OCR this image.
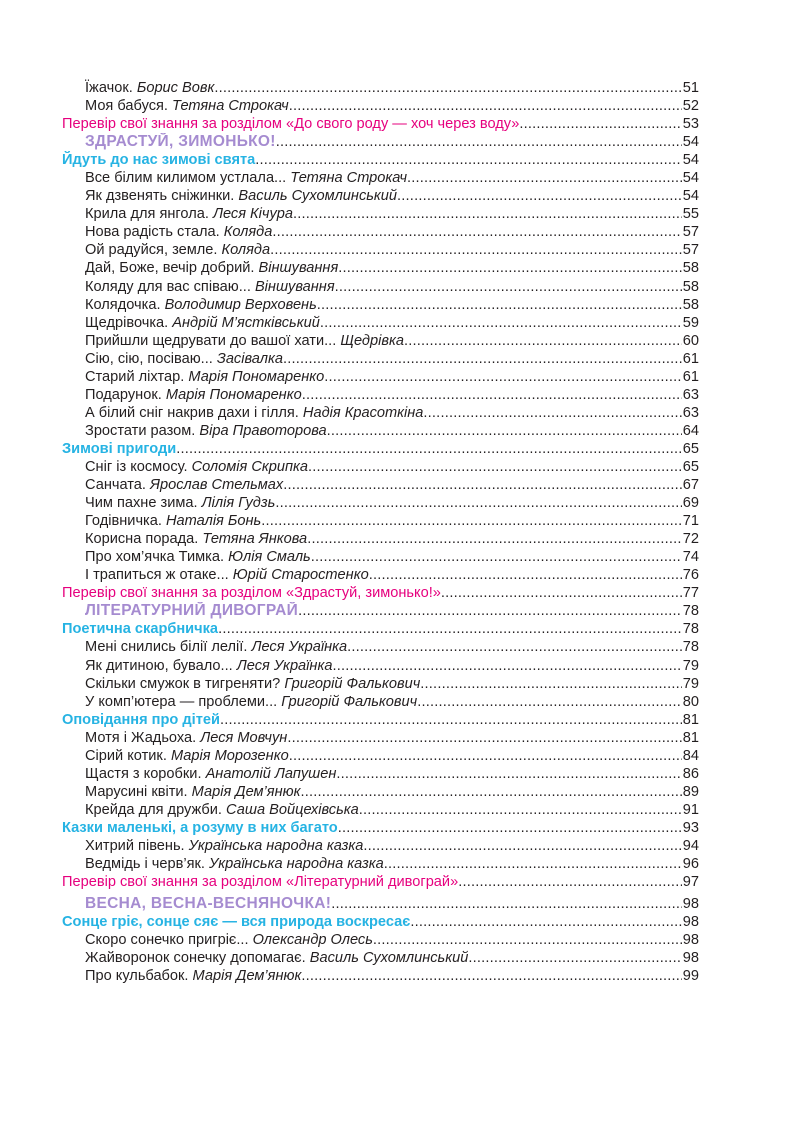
Їжачок. Борис Вовк .....	51
Моя бабуся. Тетяна Строкач .....	52
Перевір свої знання за розділом «До свого роду — хоч через воду» .....	53
ЗДРАСТУЙ, ЗИМОНЬКО! .....	54
Йдуть до нас зимові свята .....	54
Все білим килимом устлала... Тетяна Строкач .....	54
Як дзвенять сніжинки. Василь Сухомлинський .....	54
Крила для янгола. Леся Кічура .....	55
Нова радість стала. Коляда .....	57
Ой радуйся, земле. Коляда .....	57
Дай, Боже, вечір добрий. Віншування .....	58
Коляду для вас співаю... Віншування .....	58
Колядочка. Володимир Верховень .....	58
Щедрівочка. Андрій М’ястківський .....	59
Прийшли щедрувати до вашої хати... Щедрівка .....	60
Сію, сію, посіваю... Засівалка .....	61
Старий ліхтар. Марія Пономаренко .....	61
Подарунок. Марія Пономаренко .....	63
А білий сніг накрив дахи і гілля. Надія Красоткіна .....	63
Зростати разом. Віра Правоторова .....	64
Зимові пригоди .....	65
Сніг із космосу. Соломія Скрипка .....	65
Санчата. Ярослав Стельмах .....	67
Чим пахне зима. Лілія Гудзь .....	69
Годівничка. Наталія Бонь .....	71
Корисна порада. Тетяна Янкова .....	72
Про хом’ячка Тимка. Юлія Смаль .....	74
І трапиться ж отаке... Юрій Старостенко .....	76
Перевір свої знання за розділом «Здрастуй, зимонько!» .....	77
ЛІТЕРАТУРНИЙ ДИВОГРАЙ .....	78
Поетична скарбничка .....	78
Мені снились білії лелії. Леся Українка .....	78
Як дитиною, бувало... Леся Українка .....	79
Скільки смужок в тигреняти? Григорій Фалькович .....	79
У комп’ютера — проблеми... Григорій Фалькович .....	80
Оповідання про дітей .....	81
Мотя і Жадьоха. Леся Мовчун .....	81
Сірий котик. Марія Морозенко .....	84
Щастя з коробки. Анатолій Лапушен .....	86
Марусині квіти. Марія Дем’янюк .....	89
Крейда для дружби. Саша Войцехівська .....	91
Казки маленькі, а розуму в них багато .....	93
Хитрий півень. Українська народна казка .....	94
Ведмідь і черв’як. Українська народна казка .....	96
Перевір свої знання за розділом «Літературний дивограй» .....	97
ВЕСНА, ВЕСНА-ВЕСНЯНОЧКА! .....	98
Сонце гріє, сонце сяє — вся природа воскресає .....	98
Скоро сонечко пригріє... Олександр Олесь .....	98
Жайворонок сонечку допомагає. Василь Сухомлинський .....	98
Про кульбабок. Марія Дем’янюк .....	99
